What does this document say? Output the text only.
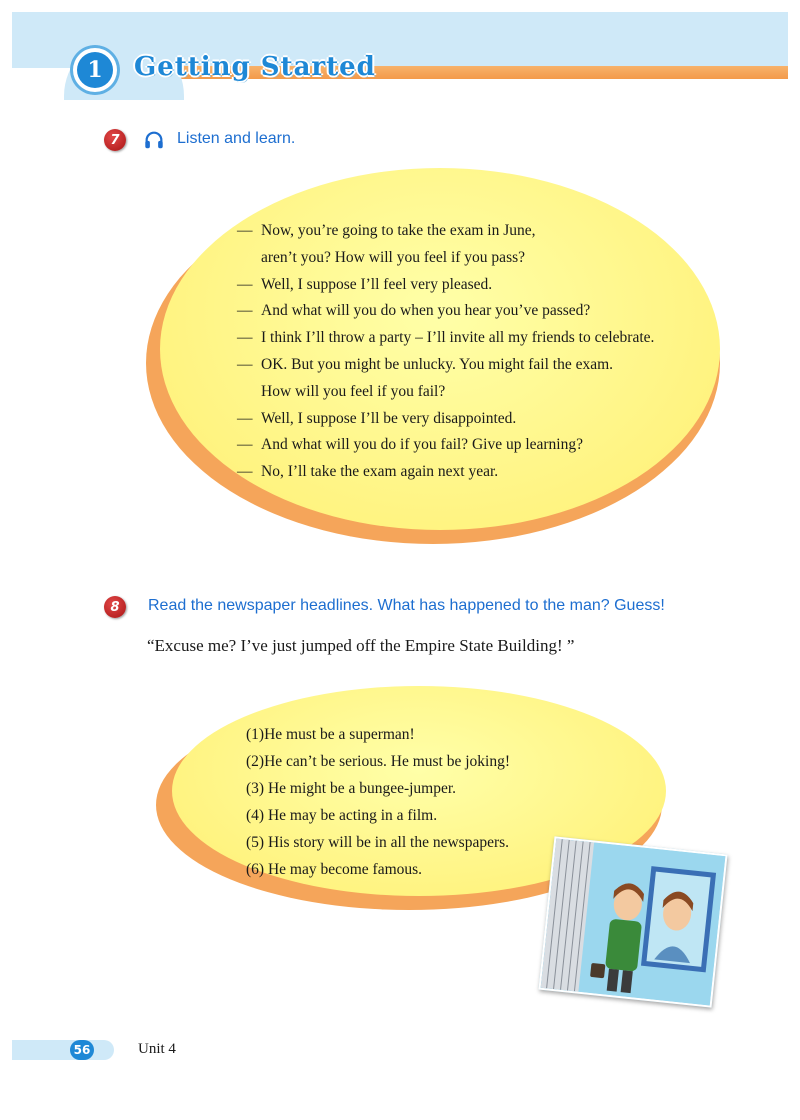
1	Getting Started
7	Listen and learn.

— Now, you’re going to take the exam in June,
aren’t you? How will you feel if you pass?
— Well, I suppose I’ll feel very pleased.
— And what will you do when you hear you’ve passed?
— I think I’ll throw a party – I’ll invite all my friends to celebrate.
— OK. But you might be unlucky. You might fail the exam.
How will you feel if you fail?
— Well, I suppose I’ll be very disappointed.
— And what will you do if you fail? Give up learning?
— No, I’ll take the exam again next year.
8	Read the newspaper headlines. What has happened to the man? Guess!

“Excuse me? I’ve just jumped off the Empire State Building! ”

(1)He must be a superman!
(2)He can’t be serious. He must be joking!
(3) He might be a bungee-jumper.
(4) He may be acting in a film.
(5) His story will be in all the newspapers.
(6) He may become famous.
56	Unit 4
